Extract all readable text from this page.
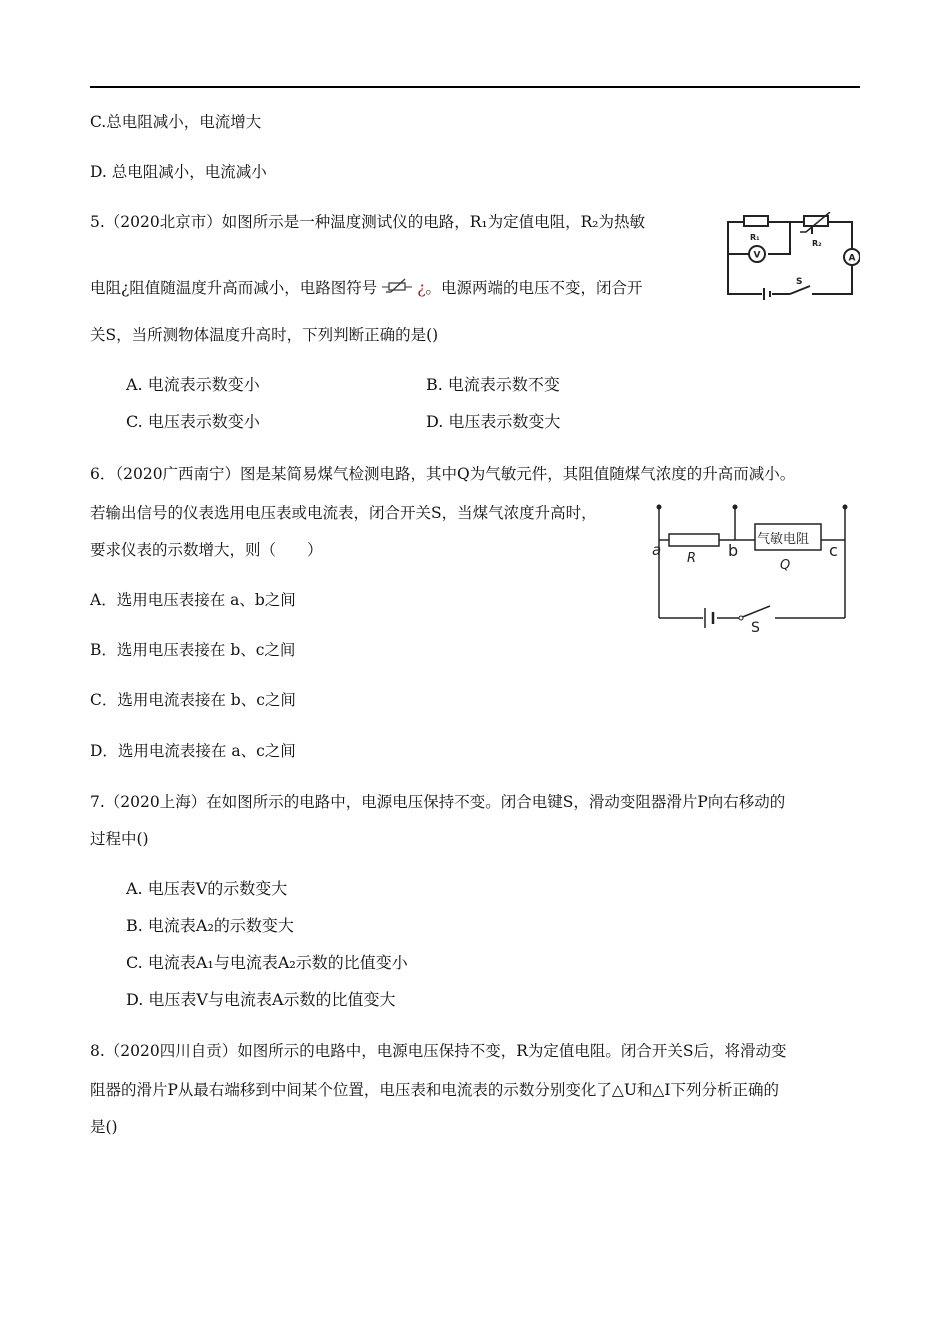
C.总电阻减小，电流增大
D. 总电阻减小，电流减小
5.（2020北京市）如图所示是一种温度测试仪的电路，R₁为定值电阻，R₂为热敏
电阻¿阻值随温度升高而减小，电路图符号	¿。电源两端的电压不变，闭合开
关S，当所测物体温度升高时，下列判断正确的是()
A. 电流表示数变小	B. 电流表示数不变
C. 电压表示数变小	D. 电压表示数变大
R₁
R₂
V	A
S
6．（2020广西南宁）图是某简易煤气检测电路，其中Q为气敏元件，其阻值随煤气浓度的升高而减小。
若输出信号的仪表选用电压表或电流表，闭合开关S，当煤气浓度升高时，
要求仪表的示数增大，则（　　）
A．选用电压表接在 a、b之间
B．选用电压表接在 b、c之间
C．选用电流表接在 b、c之间
D．选用电流表接在 a、c之间
a	b	c
R
气敏电阻
Q
S
7.（2020上海）在如图所示的电路中，电源电压保持不变。闭合电键S，滑动变阻器滑片P向右移动的
过程中()
A. 电压表V的示数变大
B. 电流表A₂的示数变大
C. 电流表A₁与电流表A₂示数的比值变小
D. 电压表V与电流表A示数的比值变大
8.（2020四川自贡）如图所示的电路中，电源电压保持不变，R为定值电阻。闭合开关S后，将滑动变
阻器的滑片P从最右端移到中间某个位置，电压表和电流表的示数分别变化了△U和△I下列分析正确的
是()
